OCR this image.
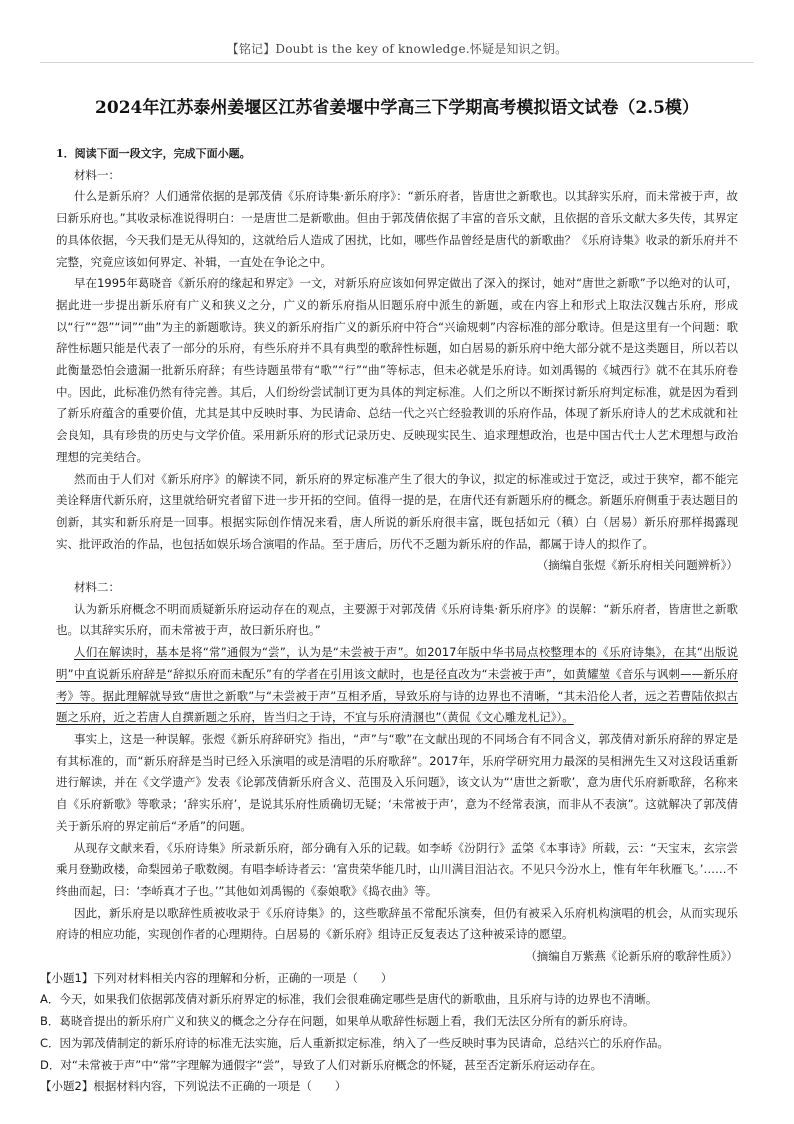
【铭记】Doubt is the key of knowledge.怀疑是知识之钥。
2024年江苏泰州姜堰区江苏省姜堰中学高三下学期高考模拟语文试卷（2.5模）

1．阅读下面一段文字，完成下面小题。

材料一：

什么是新乐府？人们通常依据的是郭茂倩《乐府诗集·新乐府序》：“新乐府者，皆唐世之新歌也。以其辞实乐府，而未常被于声，故曰新乐府也。”其收录标准说得明白：一是唐世二是新歌曲。但由于郭茂倩依据了丰富的音乐文献，且依据的音乐文献大多失传，其界定的具体依据，今天我们是无从得知的，这就给后人造成了困扰，比如，哪些作品曾经是唐代的新歌曲？《乐府诗集》收录的新乐府并不完整，究竟应该如何界定、补辑，一直处在争论之中。

早在1995年葛晓音《新乐府的缘起和界定》一文，对新乐府应该如何界定做出了深入的探讨，她对“唐世之新歌”予以绝对的认可，据此进一步提出新乐府有广义和狭义之分，广义的新乐府指从旧题乐府中派生的新题，或在内容上和形式上取法汉魏古乐府，形成以“行”“怨”“词”“曲”为主的新题歌诗。狭义的新乐府指广义的新乐府中符合“兴谕规刺”内容标准的部分歌诗。但是这里有一个问题：歌辞性标题只能是代表了一部分的乐府，有些乐府并不具有典型的歌辞性标题，如白居易的新乐府中绝大部分就不是这类题目，所以若以此衡量恐怕会遗漏一批新乐府辞；有些诗题虽带有“歌”“行”“曲”等标志，但未必就是乐府诗。如刘禹锡的《城西行》就不在其乐府卷中。因此，此标准仍然有待完善。其后，人们纷纷尝试制订更为具体的判定标准。人们之所以不断探讨新乐府判定标准，就是因为看到了新乐府蕴含的重要价值，尤其是其中反映时事、为民请命、总结一代之兴亡经验教训的乐府作品，体现了新乐府诗人的艺术成就和社会良知，具有珍贵的历史与文学价值。采用新乐府的形式记录历史、反映现实民生、追求理想政治，也是中国古代士人艺术理想与政治理想的完美结合。

然而由于人们对《新乐府序》的解读不同，新乐府的界定标准产生了很大的争议，拟定的标准或过于宽泛，或过于狭窄，都不能完美诠释唐代新乐府，这里就给研究者留下进一步开拓的空间。值得一提的是，在唐代还有新题乐府的概念。新题乐府侧重于表达题目的创新，其实和新乐府是一回事。根据实际创作情况来看，唐人所说的新乐府很丰富，既包括如元（稹）白（居易）新乐府那样揭露现实、批评政治的作品，也包括如娱乐场合演唱的作品。至于唐后，历代不乏题为新乐府的作品，都属于诗人的拟作了。

（摘编自张煜《新乐府相关问题辨析》）

材料二：

认为新乐府概念不明而质疑新乐府运动存在的观点，主要源于对郭茂倩《乐府诗集·新乐府序》的误解：“新乐府者，皆唐世之新歌也。以其辞实乐府，而未常被于声，故曰新乐府也。”

人们在解读时，基本是将“常”通假为“尝”，认为是“未尝被于声”。如2017年版中华书局点校整理本的《乐府诗集》，在其“出版说明”中直说新乐府辞是“辞拟乐府而未配乐”有的学者在引用该文献时，也是径直改为“未尝被于声”，如黄耀堃《音乐与讽刺——新乐府考》等。据此理解就导致“唐世之新歌”与“未尝被于声”互相矛盾，导致乐府与诗的边界也不清晰，“其未沿伦人者，远之若曹陆依拟古题之乐府，近之若唐人自撰新题之乐府，皆当归之于诗，不宜与乐府清溷也”（黄侃《文心雕龙札记》）。

事实上，这是一种误解。张煜《新乐府辞研究》指出，“声”与“歌”在文献出现的不同场合有不同含义，郭茂倩对新乐府辞的界定是有其标准的，而“新乐府辞是当时已经入乐演唱的或是清唱的乐府歌辞”。2017年，乐府学研究用力最深的吴相洲先生又对这段话重新进行解读，并在《文学遗产》发表《论郭茂倩新乐府含义、范围及入乐问题》，该文认为“‘唐世之新歌’，意为唐代乐府新歌辞，名称来自《乐府新歌》等歌录；‘辞实乐府’，是说其乐府性质确切无疑；‘未常被于声’，意为不经常表演，而非从不表演”。这就解决了郭茂倩关于新乐府的界定前后“矛盾”的问题。

从现存文献来看，《乐府诗集》所录新乐府，部分确有入乐的记载。如李峤《汾阴行》孟棨《本事诗》所载，云：“天宝末，玄宗尝乘月登勤政楼，命梨园弟子歌数阕。有唱李峤诗者云：‘富贵荣华能几时，山川满目泪沾衣。不见只今汾水上，惟有年年秋雁飞。’……不终曲而起，曰：‘李峤真才子也。’”其他如刘禹锡的《泰娘歌》《捣衣曲》等。

因此，新乐府是以歌辞性质被收录于《乐府诗集》的，这些歌辞虽不常配乐演奏，但仍有被采入乐府机构演唱的机会，从而实现乐府诗的相应功能，实现创作者的心理期待。白居易的《新乐府》组诗正反复表达了这种被采诗的愿望。

（摘编自万紫燕《论新乐府的歌辞性质》）

【小题1】下列对材料相关内容的理解和分析，正确的一项是（　　）

A．今天，如果我们依据郭茂倩对新乐府界定的标准，我们会很难确定哪些是唐代的新歌曲，且乐府与诗的边界也不清晰。

B．葛晓音提出的新乐府广义和狭义的概念之分存在问题，如果单从歌辞性标题上看，我们无法区分所有的新乐府诗。

C．因为郭茂倩制定的新乐府诗的标准无法实施，后人重新拟定标准，纳入了一些反映时事为民请命，总结兴亡的乐府作品。

D．对“未常被于声”中“常”字理解为通假字“尝”，导致了人们对新乐府概念的怀疑，甚至否定新乐府运动存在。

【小题2】根据材料内容，下列说法不正确的一项是（　　）
